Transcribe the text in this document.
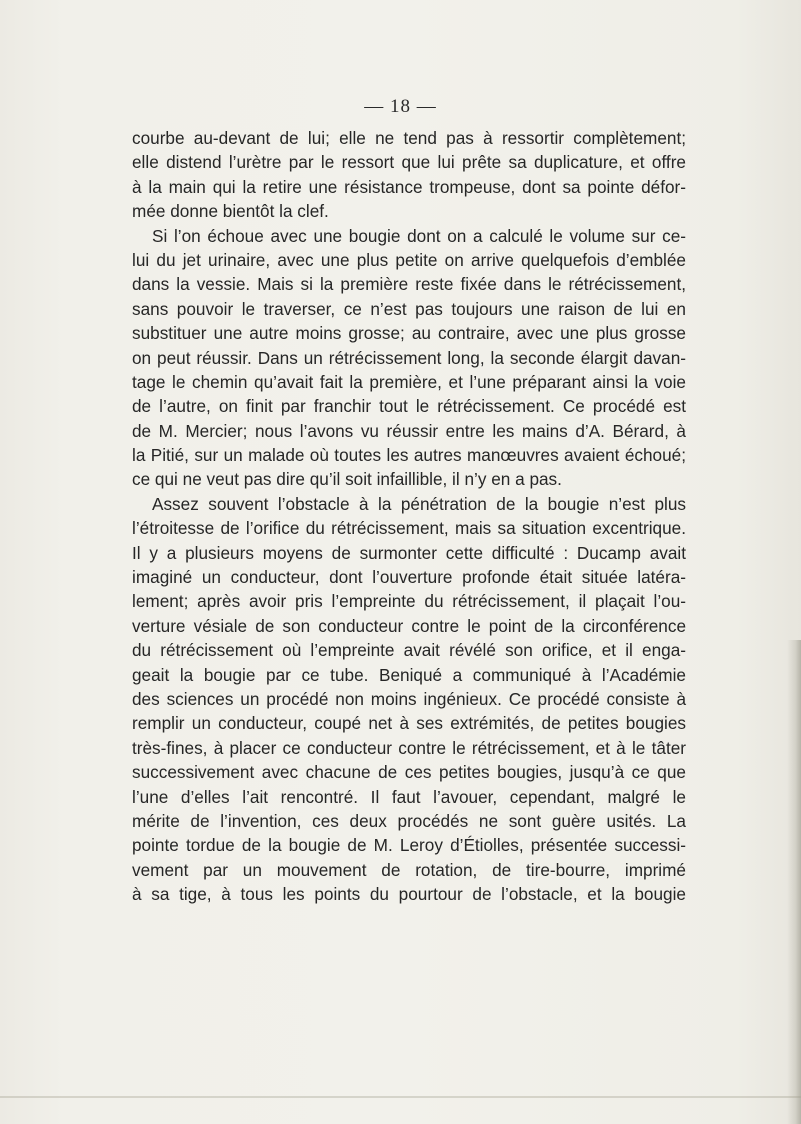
— 18 —
courbe au-devant de lui; elle ne tend pas à ressortir complètement;
elle distend l’urètre par le ressort que lui prête sa duplicature, et offre
à la main qui la retire une résistance trompeuse, dont sa pointe défor-
mée donne bientôt la clef.
Si l’on échoue avec une bougie dont on a calculé le volume sur ce-
lui du jet urinaire, avec une plus petite on arrive quelquefois d’emblée
dans la vessie. Mais si la première reste fixée dans le rétrécissement,
sans pouvoir le traverser, ce n’est pas toujours une raison de lui en
substituer une autre moins grosse; au contraire, avec une plus grosse
on peut réussir. Dans un rétrécissement long, la seconde élargit davan-
tage le chemin qu’avait fait la première, et l’une préparant ainsi la voie
de l’autre, on finit par franchir tout le rétrécissement. Ce procédé est
de M. Mercier; nous l’avons vu réussir entre les mains d’A. Bérard, à
la Pitié, sur un malade où toutes les autres manœuvres avaient échoué;
ce qui ne veut pas dire qu’il soit infaillible, il n’y en a pas.
Assez souvent l’obstacle à la pénétration de la bougie n’est plus
l’étroitesse de l’orifice du rétrécissement, mais sa situation excentrique.
Il y a plusieurs moyens de surmonter cette difficulté : Ducamp avait
imaginé un conducteur, dont l’ouverture profonde était située latéra-
lement; après avoir pris l’empreinte du rétrécissement, il plaçait l’ou-
verture vésiale de son conducteur contre le point de la circonférence
du rétrécissement où l’empreinte avait révélé son orifice, et il enga-
geait la bougie par ce tube. Beniqué a communiqué à l’Académie
des sciences un procédé non moins ingénieux. Ce procédé consiste à
remplir un conducteur, coupé net à ses extrémités, de petites bougies
très-fines, à placer ce conducteur contre le rétrécissement, et à le tâter
successivement avec chacune de ces petites bougies, jusqu’à ce que
l’une d’elles l’ait rencontré. Il faut l’avouer, cependant, malgré le
mérite de l’invention, ces deux procédés ne sont guère usités. La
pointe tordue de la bougie de M. Leroy d’Étiolles, présentée successi-
vement par un mouvement de rotation, de tire-bourre, imprimé
à sa tige, à tous les points du pourtour de l’obstacle, et la bougie
